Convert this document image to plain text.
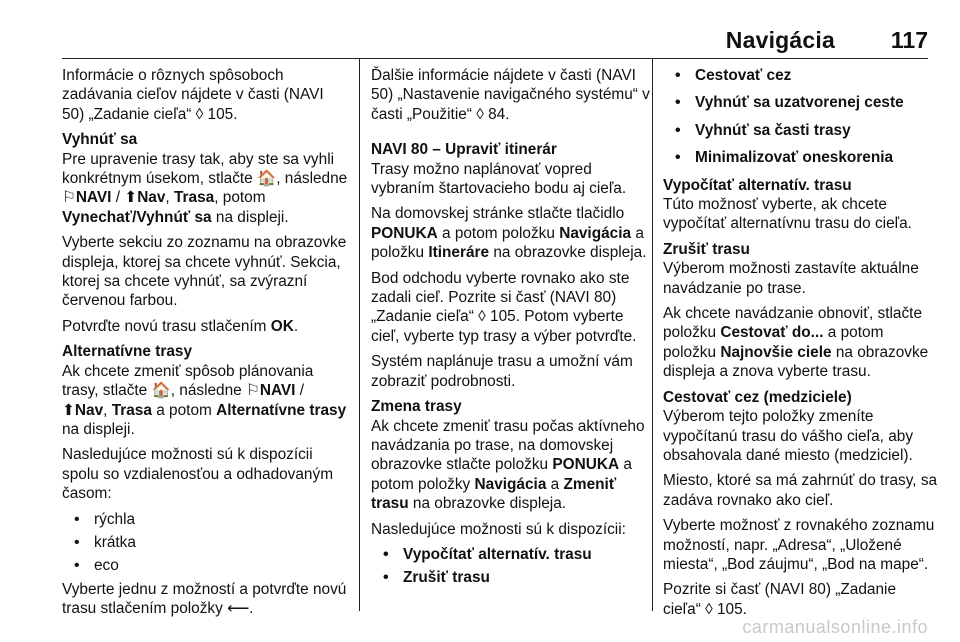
Navigácia 117

Informácie o rôznych spôsoboch zadávania cieľov nájdete v časti (NAVI 50) „Zadanie cieľa“ ◊ 105.

Vyhnúť sa

Pre upravenie trasy tak, aby ste sa vyhli konkrétnym úsekom, stlačte 🏠, následne ⚐NAVI / ⬆Nav, Trasa, potom Vynechať/Vyhnúť sa na displeji.

Vyberte sekciu zo zoznamu na obrazovke displeja, ktorej sa chcete vyhnúť. Sekcia, ktorej sa chcete vyhnúť, sa zvýrazní červenou farbou.

Potvrďte novú trasu stlačením OK.

Alternatívne trasy

Ak chcete zmeniť spôsob plánovania trasy, stlačte 🏠, následne ⚐NAVI / ⬆Nav, Trasa a potom Alternatívne trasy na displeji.

Nasledujúce možnosti sú k dispozícii spolu so vzdialenosťou a odhadovaným časom:

• rýchla
• krátka
• eco

Vyberte jednu z možností a potvrďte novú trasu stlačením položky ⟵.

Ďalšie informácie nájdete v časti (NAVI 50) „Nastavenie navigačného systému“ v časti „Použitie“ ◊ 84.

NAVI 80 – Upraviť itinerár

Trasy možno naplánovať vopred vybraním štartovacieho bodu aj cieľa.

Na domovskej stránke stlačte tlačidlo PONUKA a potom položku Navigácia a položku Itineráre na obrazovke displeja.

Bod odchodu vyberte rovnako ako ste zadali cieľ. Pozrite si časť (NAVI 80) „Zadanie cieľa“ ◊ 105. Potom vyberte cieľ, vyberte typ trasy a výber potvrďte.

Systém naplánuje trasu a umožní vám zobraziť podrobnosti.

Zmena trasy

Ak chcete zmeniť trasu počas aktívneho navádzania po trase, na domovskej obrazovke stlačte položku PONUKA a potom položky Navigácia a Zmeniť trasu na obrazovke displeja.

Nasledujúce možnosti sú k dispozícii:

• Vypočítať alternatív. trasu
• Zrušiť trasu
• Cestovať cez
• Vyhnúť sa uzatvorenej ceste
• Vyhnúť sa časti trasy
• Minimalizovať oneskorenia

Vypočítať alternatív. trasu

Túto možnosť vyberte, ak chcete vypočítať alternatívnu trasu do cieľa.

Zrušiť trasu

Výberom možnosti zastavíte aktuálne navádzanie po trase.

Ak chcete navádzanie obnoviť, stlačte položku Cestovať do... a potom položku Najnovšie ciele na obrazovke displeja a znova vyberte trasu.

Cestovať cez (medziciele)

Výberom tejto položky zmeníte vypočítanú trasu do vášho cieľa, aby obsahovala dané miesto (medziciel).

Miesto, ktoré sa má zahrnúť do trasy, sa zadáva rovnako ako cieľ.

Vyberte možnosť z rovnakého zoznamu možností, napr. „Adresa“, „Uložené miesta“, „Bod záujmu“, „Bod na mape“.

Pozrite si časť (NAVI 80) „Zadanie cieľa“ ◊ 105.

carmanualsonline.info
